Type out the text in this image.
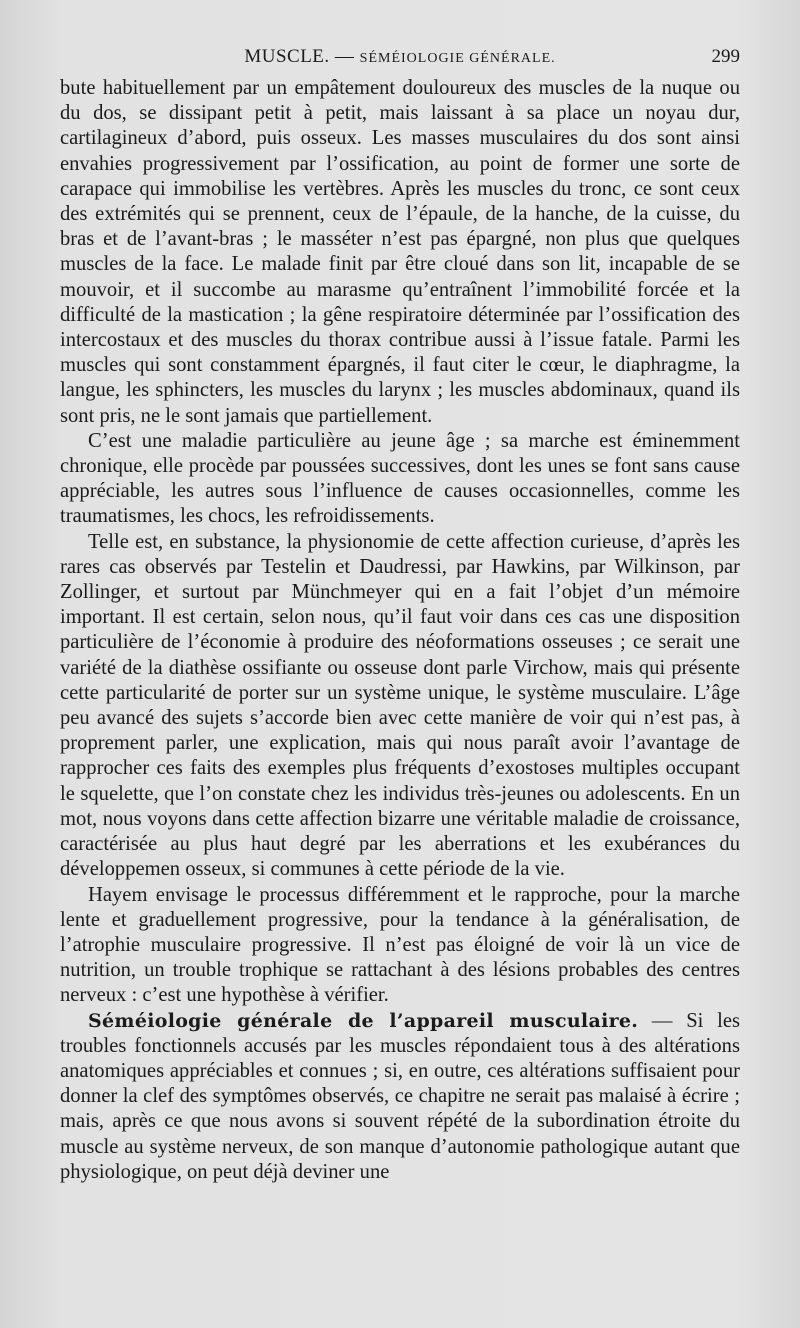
MUSCLE. — SÉMÉIOLOGIE GÉNÉRALE.	299

bute habituellement par un empâtement douloureux des muscles de la nuque ou du dos, se dissipant petit à petit, mais laissant à sa place un noyau dur, cartilagineux d’abord, puis osseux. Les masses musculaires du dos sont ainsi envahies progressivement par l’ossification, au point de former une sorte de carapace qui immobilise les vertèbres. Après les muscles du tronc, ce sont ceux des extrémités qui se prennent, ceux de l’épaule, de la hanche, de la cuisse, du bras et de l’avant-bras ; le masséter n’est pas épargné, non plus que quelques muscles de la face. Le malade finit par être cloué dans son lit, incapable de se mouvoir, et il succombe au marasme qu’entraînent l’immobilité forcée et la difficulté de la mastication ; la gêne respiratoire déterminée par l’ossification des intercostaux et des muscles du thorax contribue aussi à l’issue fatale. Parmi les muscles qui sont constamment épargnés, il faut citer le cœur, le diaphragme, la langue, les sphincters, les muscles du larynx ; les muscles abdominaux, quand ils sont pris, ne le sont jamais que partiellement.

C’est une maladie particulière au jeune âge ; sa marche est éminemment chronique, elle procède par poussées successives, dont les unes se font sans cause appréciable, les autres sous l’influence de causes occasionnelles, comme les traumatismes, les chocs, les refroidissements.

Telle est, en substance, la physionomie de cette affection curieuse, d’après les rares cas observés par Testelin et Daudressi, par Hawkins, par Wilkinson, par Zollinger, et surtout par Münchmeyer qui en a fait l’objet d’un mémoire important. Il est certain, selon nous, qu’il faut voir dans ces cas une disposition particulière de l’économie à produire des néoformations osseuses ; ce serait une variété de la diathèse ossifiante ou osseuse dont parle Virchow, mais qui présente cette particularité de porter sur un système unique, le système musculaire. L’âge peu avancé des sujets s’accorde bien avec cette manière de voir qui n’est pas, à proprement parler, une explication, mais qui nous paraît avoir l’avantage de rapprocher ces faits des exemples plus fréquents d’exostoses multiples occupant le squelette, que l’on constate chez les individus très-jeunes ou adolescents. En un mot, nous voyons dans cette affection bizarre une véritable maladie de croissance, caractérisée au plus haut degré par les aberrations et les exubérances du développemen osseux, si communes à cette période de la vie.

Hayem envisage le processus différemment et le rapproche, pour la marche lente et graduellement progressive, pour la tendance à la généralisation, de l’atrophie musculaire progressive. Il n’est pas éloigné de voir là un vice de nutrition, un trouble trophique se rattachant à des lésions probables des centres nerveux : c’est une hypothèse à vérifier.

Séméiologie générale de l’appareil musculaire. — Si les troubles fonctionnels accusés par les muscles répondaient tous à des altérations anatomiques appréciables et connues ; si, en outre, ces altérations suffisaient pour donner la clef des symptômes observés, ce chapitre ne serait pas malaisé à écrire ; mais, après ce que nous avons si souvent répété de la subordination étroite du muscle au système nerveux, de son manque d’autonomie pathologique autant que physiologique, on peut déjà deviner une
